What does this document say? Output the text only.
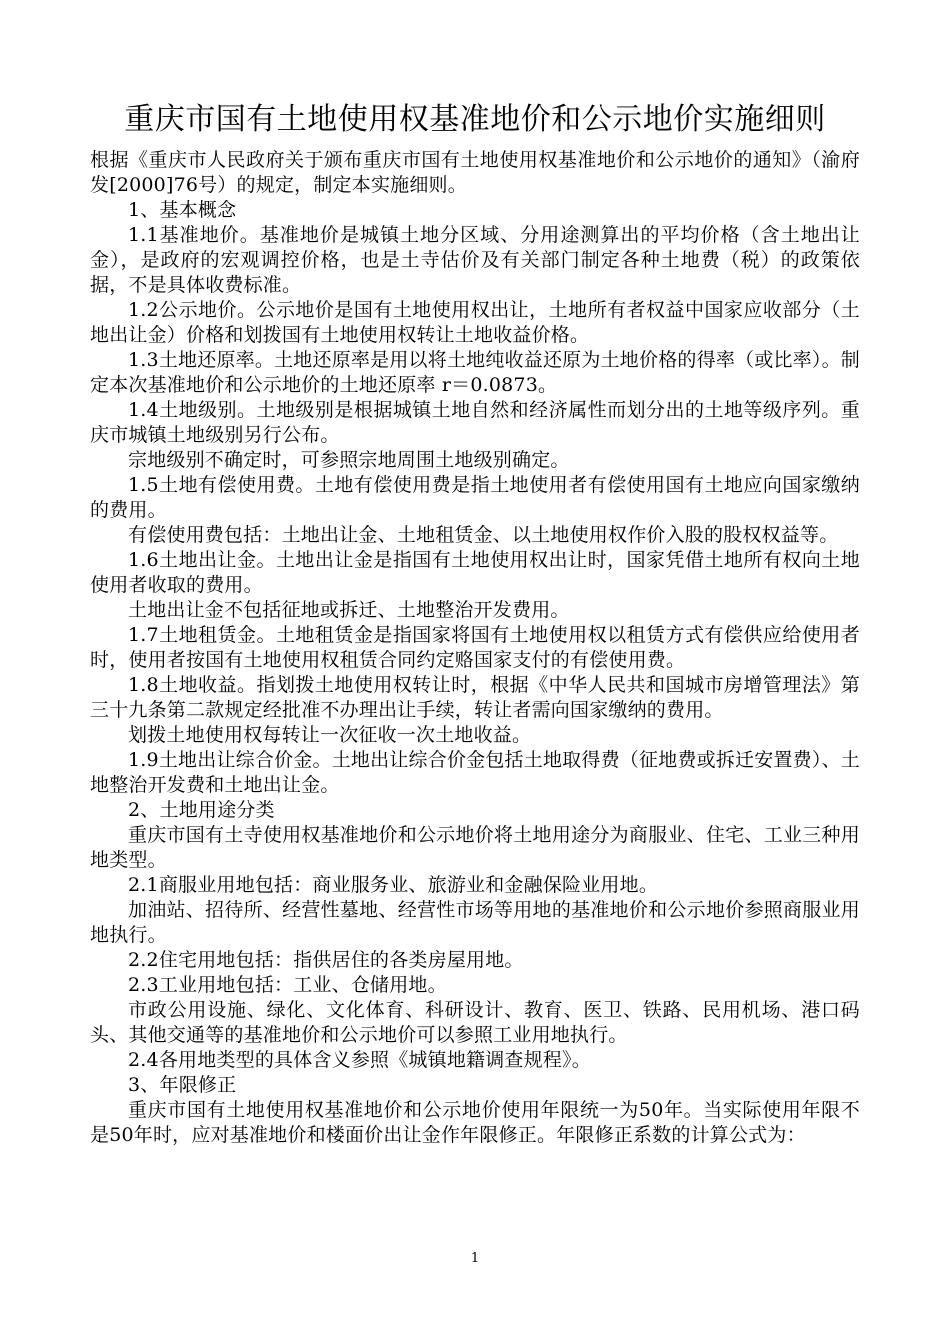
重庆市国有土地使用权基准地价和公示地价实施细则

根据《重庆市人民政府关于颁布重庆市国有土地使用权基准地价和公示地价的通知》（渝府发[2000]76号）的规定，制定本实施细则。

1、基本概念

1.1基准地价。基准地价是城镇土地分区域、分用途测算出的平均价格（含土地出让金），是政府的宏观调控价格，也是土寺估价及有关部门制定各种土地费（税）的政策依据，不是具体收费标准。

1.2公示地价。公示地价是国有土地使用权出让，土地所有者权益中国家应收部分（土地出让金）价格和划拨国有土地使用权转让土地收益价格。

1.3土地还原率。土地还原率是用以将土地纯收益还原为土地价格的得率（或比率）。制定本次基准地价和公示地价的土地还原率 r＝0.0873。

1.4土地级别。土地级别是根据城镇土地自然和经济属性而划分出的土地等级序列。重庆市城镇土地级别另行公布。

宗地级别不确定时，可参照宗地周围土地级别确定。

1.5土地有偿使用费。土地有偿使用费是指土地使用者有偿使用国有土地应向国家缴纳的费用。

有偿使用费包括：土地出让金、土地租赁金、以土地使用权作价入股的股权权益等。

1.6土地出让金。土地出让金是指国有土地使用权出让时，国家凭借土地所有权向土地使用者收取的费用。

土地出让金不包括征地或拆迁、土地整治开发费用。

1.7土地租赁金。土地租赁金是指国家将国有土地使用权以租赁方式有偿供应给使用者时，使用者按国有土地使用权租赁合同约定赂国家支付的有偿使用费。

1.8土地收益。指划拨土地使用权转让时，根据《中华人民共和国城市房增管理法》第三十九条第二款规定经批准不办理出让手续，转让者需向国家缴纳的费用。

划拨土地使用权每转让一次征收一次土地收益。

1.9土地出让综合价金。土地出让综合价金包括土地取得费（征地费或拆迁安置费）、土地整治开发费和土地出让金。

2、土地用途分类

重庆市国有土寺使用权基准地价和公示地价将土地用途分为商服业、住宅、工业三种用地类型。

2.1商服业用地包括：商业服务业、旅游业和金融保险业用地。

加油站、招待所、经营性墓地、经营性市场等用地的基准地价和公示地价参照商服业用地执行。

2.2住宅用地包括：指供居住的各类房屋用地。

2.3工业用地包括：工业、仓储用地。

市政公用设施、绿化、文化体育、科研设计、教育、医卫、铁路、民用机场、港口码头、其他交通等的基准地价和公示地价可以参照工业用地执行。

2.4各用地类型的具体含义参照《城镇地籍调查规程》。

3、年限修正

重庆市国有土地使用权基准地价和公示地价使用年限统一为50年。当实际使用年限不是50年时，应对基准地价和楼面价出让金作年限修正。年限修正系数的计算公式为：

1
